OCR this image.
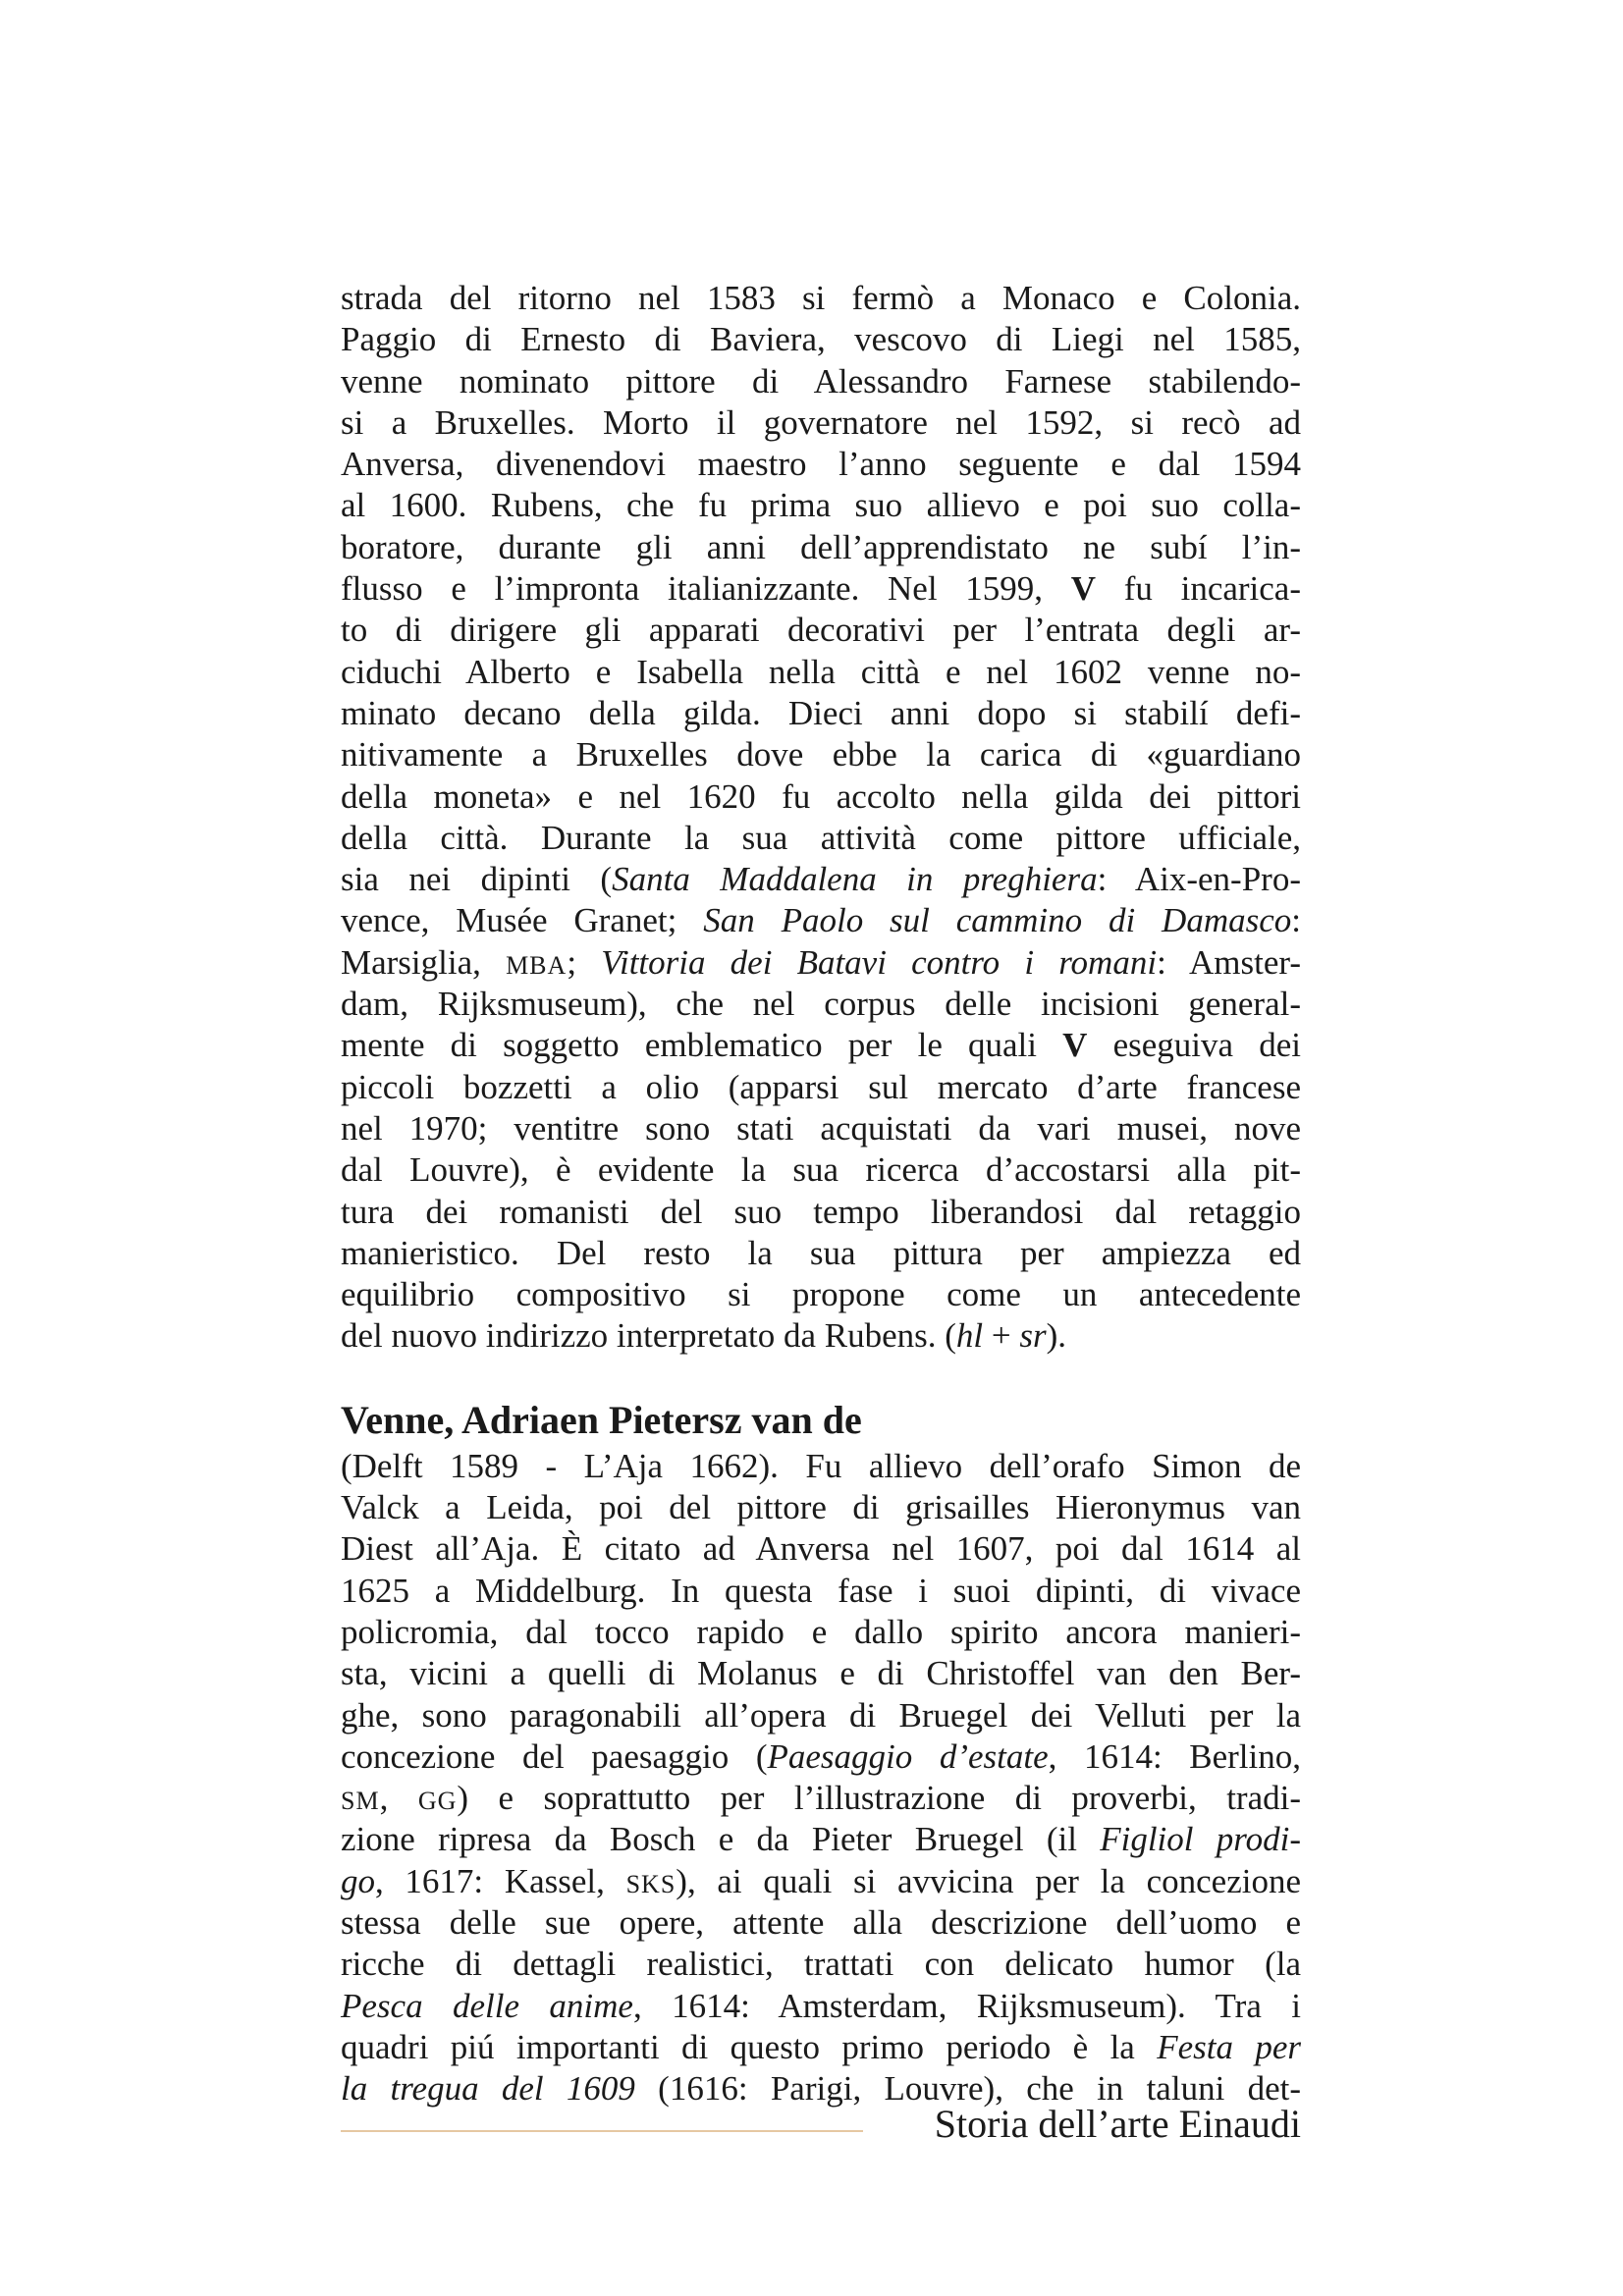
strada del ritorno nel 1583 si fermò a Monaco e Colonia.
Paggio di Ernesto di Baviera, vescovo di Liegi nel 1585,
venne nominato pittore di Alessandro Farnese stabilendo-
si a Bruxelles. Morto il governatore nel 1592, si recò ad
Anversa, divenendovi maestro l’anno seguente e dal 1594
al 1600. Rubens, che fu prima suo allievo e poi suo colla-
boratore, durante gli anni dell’apprendistato ne subí l’in-
flusso e l’impronta italianizzante. Nel 1599, V fu incarica-
to di dirigere gli apparati decorativi per l’entrata degli ar-
ciduchi Alberto e Isabella nella città e nel 1602 venne no-
minato decano della gilda. Dieci anni dopo si stabilí defi-
nitivamente a Bruxelles dove ebbe la carica di «guardiano
della moneta» e nel 1620 fu accolto nella gilda dei pittori
della città. Durante la sua attività come pittore ufficiale,
sia nei dipinti (Santa Maddalena in preghiera: Aix-en-Pro-
vence, Musée Granet; San Paolo sul cammino di Damasco:
Marsiglia, MBA; Vittoria dei Batavi contro i romani: Amster-
dam, Rijksmuseum), che nel corpus delle incisioni general-
mente di soggetto emblematico per le quali V eseguiva dei
piccoli bozzetti a olio (apparsi sul mercato d’arte francese
nel 1970; ventitre sono stati acquistati da vari musei, nove
dal Louvre), è evidente la sua ricerca d’accostarsi alla pit-
tura dei romanisti del suo tempo liberandosi dal retaggio
manieristico. Del resto la sua pittura per ampiezza ed
equilibrio compositivo si propone come un antecedente
del nuovo indirizzo interpretato da Rubens. (hl + sr).
Venne, Adriaen Pietersz van de
(Delft 1589 - L’Aja 1662). Fu allievo dell’orafo Simon de
Valck a Leida, poi del pittore di grisailles Hieronymus van
Diest all’Aja. È citato ad Anversa nel 1607, poi dal 1614 al
1625 a Middelburg. In questa fase i suoi dipinti, di vivace
policromia, dal tocco rapido e dallo spirito ancora manieri-
sta, vicini a quelli di Molanus e di Christoffel van den Ber-
ghe, sono paragonabili all’opera di Bruegel dei Velluti per la
concezione del paesaggio (Paesaggio d’estate, 1614: Berlino,
SM, GG) e soprattutto per l’illustrazione di proverbi, tradi-
zione ripresa da Bosch e da Pieter Bruegel (il Figliol prodi-
go, 1617: Kassel, SKS), ai quali si avvicina per la concezione
stessa delle sue opere, attente alla descrizione dell’uomo e
ricche di dettagli realistici, trattati con delicato humor (la
Pesca delle anime, 1614: Amsterdam, Rijksmuseum). Tra i
quadri piú importanti di questo primo periodo è la Festa per
la tregua del 1609 (1616: Parigi, Louvre), che in taluni det-
Storia dell’arte Einaudi
